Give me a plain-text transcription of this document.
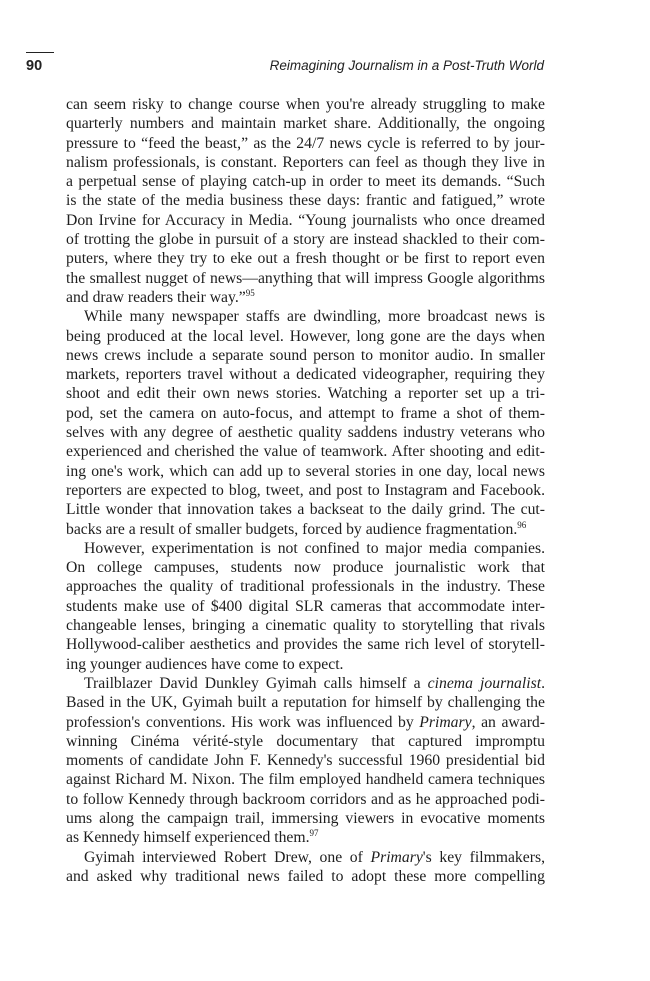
90	Reimagining Journalism in a Post-Truth World
can seem risky to change course when you're already struggling to make
quarterly numbers and maintain market share. Additionally, the ongoing
pressure to “feed the beast,” as the 24/7 news cycle is referred to by jour-
nalism professionals, is constant. Reporters can feel as though they live in
a perpetual sense of playing catch-up in order to meet its demands. “Such
is the state of the media business these days: frantic and fatigued,” wrote
Don Irvine for Accuracy in Media. “Young journalists who once dreamed
of trotting the globe in pursuit of a story are instead shackled to their com-
puters, where they try to eke out a fresh thought or be first to report even
the smallest nugget of news—anything that will impress Google algorithms
and draw readers their way.”$^{95}$
While many newspaper staffs are dwindling, more broadcast news is
being produced at the local level. However, long gone are the days when
news crews include a separate sound person to monitor audio. In smaller
markets, reporters travel without a dedicated videographer, requiring they
shoot and edit their own news stories. Watching a reporter set up a tri-
pod, set the camera on auto-focus, and attempt to frame a shot of them-
selves with any degree of aesthetic quality saddens industry veterans who
experienced and cherished the value of teamwork. After shooting and edit-
ing one's work, which can add up to several stories in one day, local news
reporters are expected to blog, tweet, and post to Instagram and Facebook.
Little wonder that innovation takes a backseat to the daily grind. The cut-
backs are a result of smaller budgets, forced by audience fragmentation.$^{96}$
However, experimentation is not confined to major media companies.
On college campuses, students now produce journalistic work that
approaches the quality of traditional professionals in the industry. These
students make use of $400 digital SLR cameras that accommodate inter-
changeable lenses, bringing a cinematic quality to storytelling that rivals
Hollywood-caliber aesthetics and provides the same rich level of storytell-
ing younger audiences have come to expect.
Trailblazer David Dunkley Gyimah calls himself a cinema journalist.
Based in the UK, Gyimah built a reputation for himself by challenging the
profession's conventions. His work was influenced by Primary, an award-
winning Cinéma vérité-style documentary that captured impromptu
moments of candidate John F. Kennedy's successful 1960 presidential bid
against Richard M. Nixon. The film employed handheld camera techniques
to follow Kennedy through backroom corridors and as he approached podi-
ums along the campaign trail, immersing viewers in evocative moments
as Kennedy himself experienced them.$^{97}$
Gyimah interviewed Robert Drew, one of Primary's key filmmakers,
and asked why traditional news failed to adopt these more compelling
